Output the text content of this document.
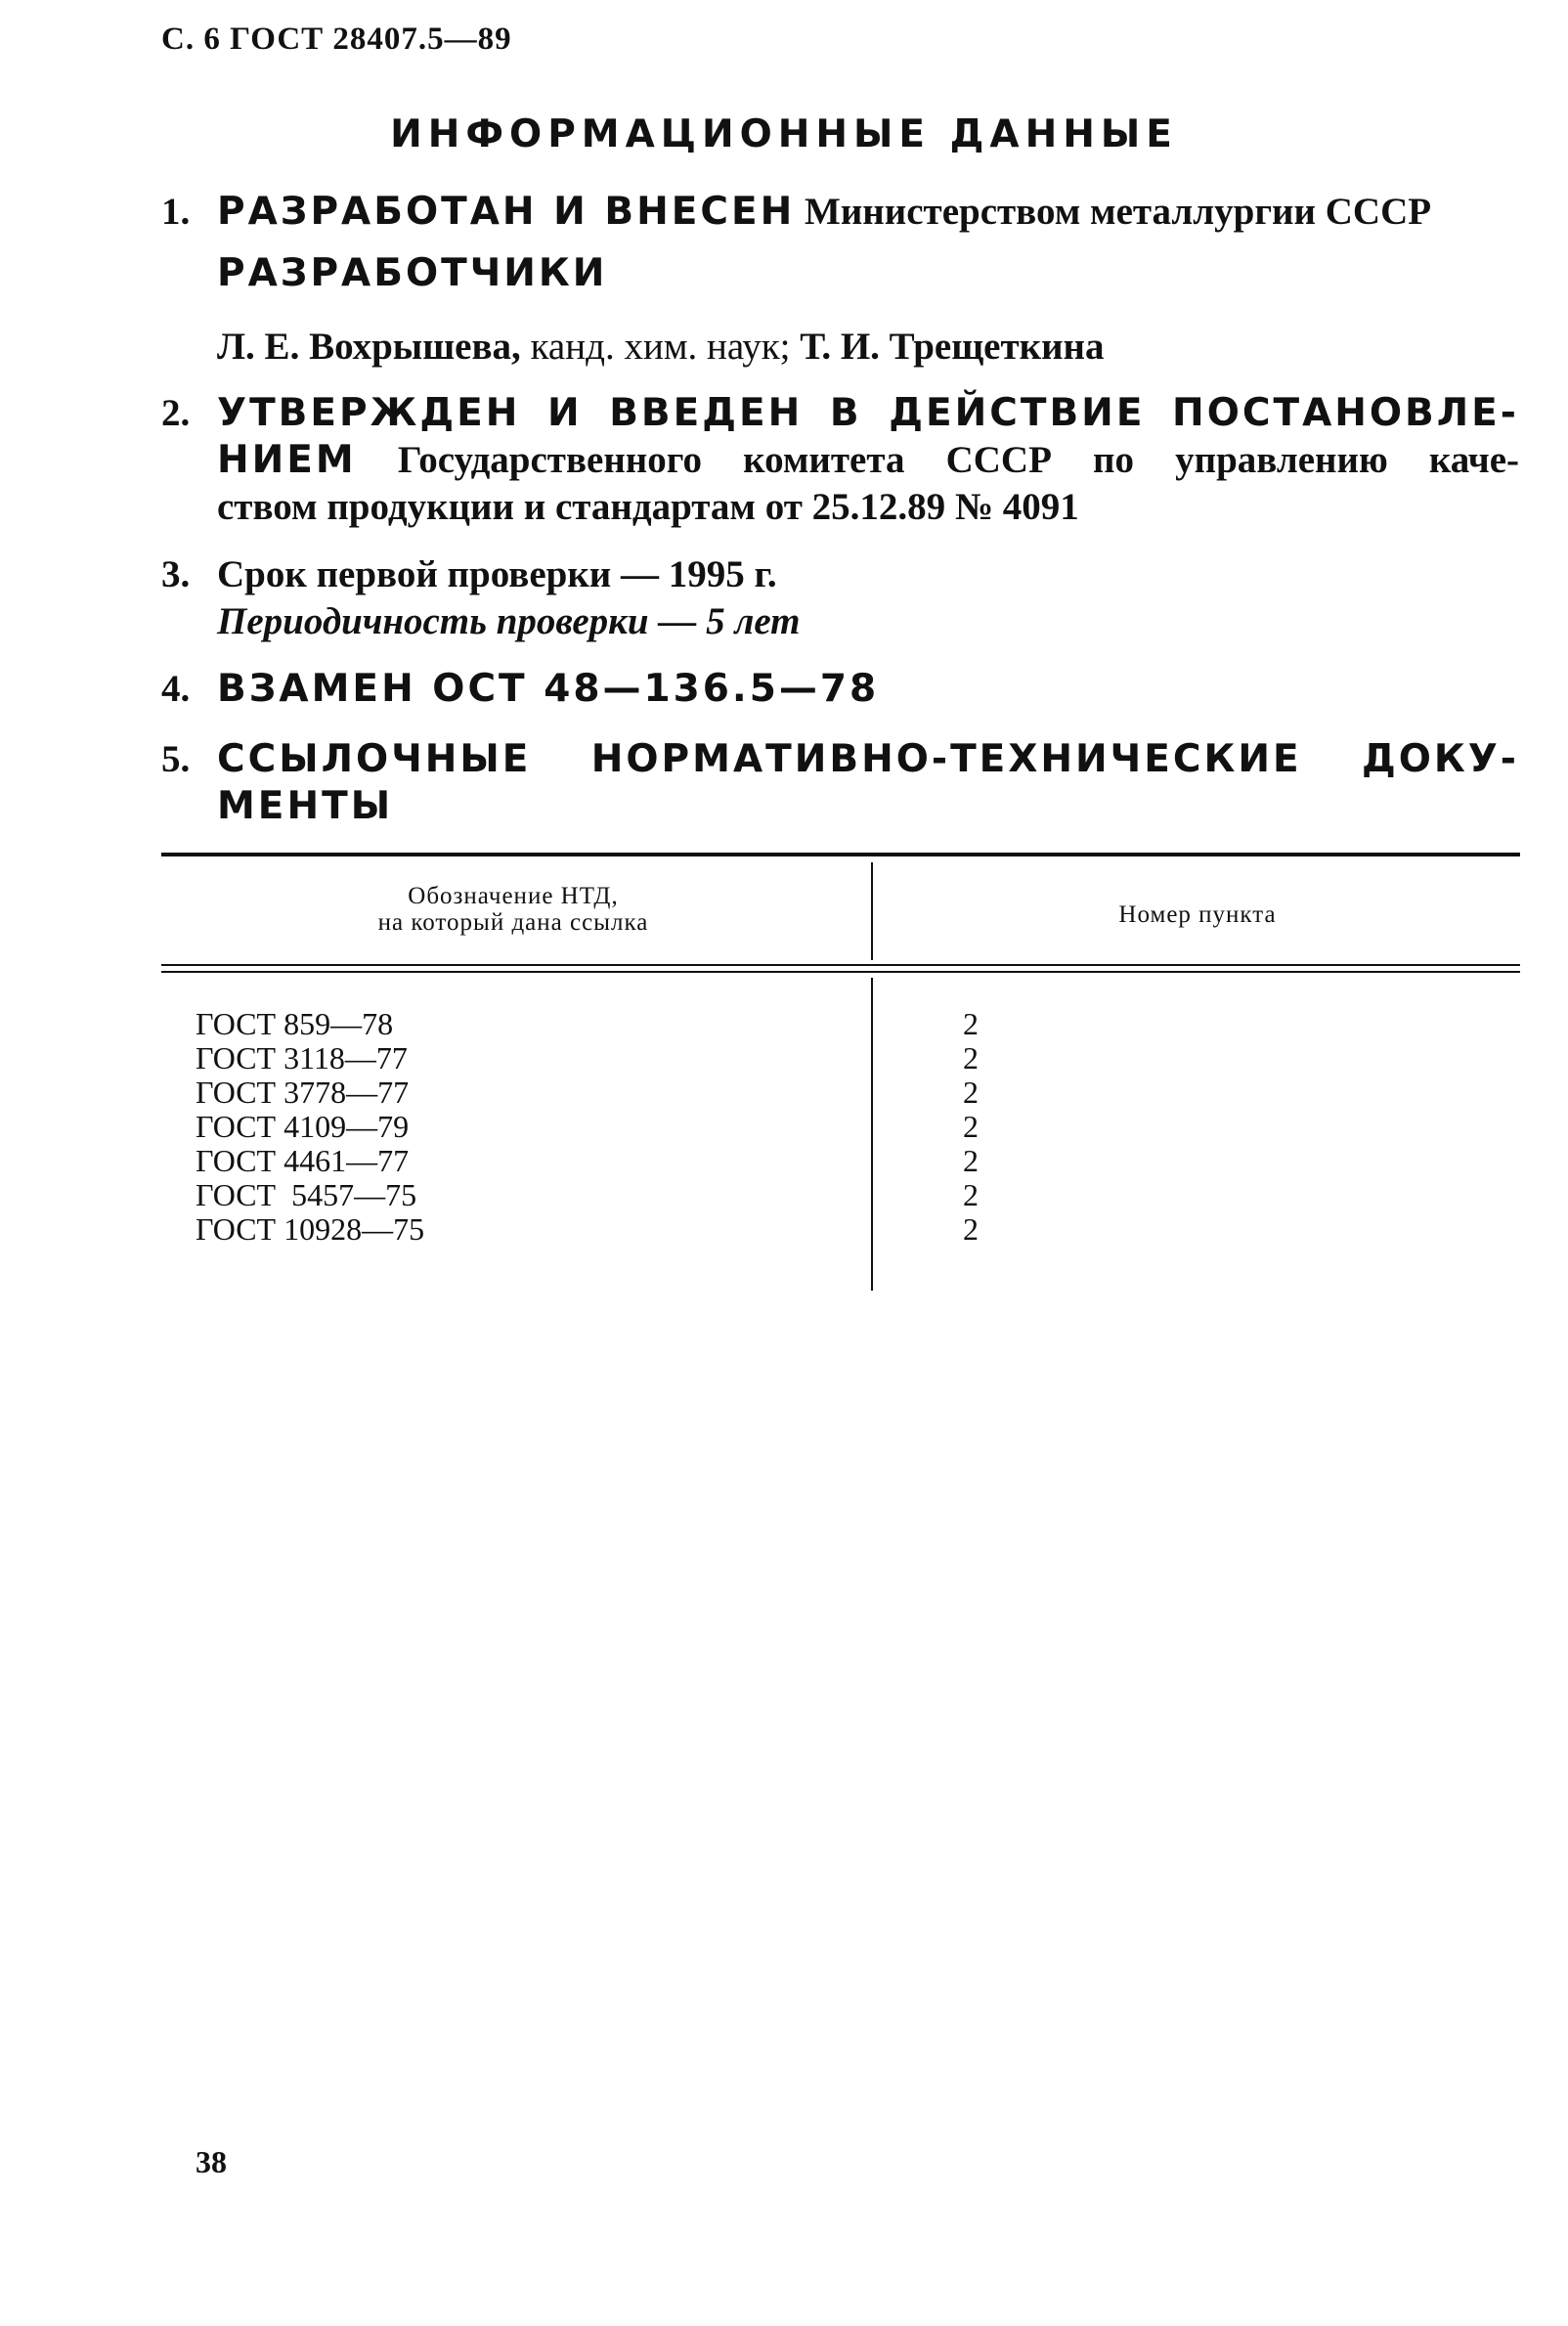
С. 6 ГОСТ 28407.5—89
ИНФОРМАЦИОННЫЕ ДАННЫЕ
1. РАЗРАБОТАН И ВНЕСЕН Министерством металлургии СССР
РАЗРАБОТЧИКИ
Л. Е. Вохрышева, канд. хим. наук; Т. И. Трещеткина
2. УТВЕРЖДЕН И ВВЕДЕН В ДЕЙСТВИЕ ПОСТАНОВЛЕ-
НИЕМ Государственного комитета СССР по управлению каче-
ством продукции и стандартам от 25.12.89 № 4091
3. Срок первой проверки — 1995 г.
Периодичность проверки — 5 лет
4. ВЗАМЕН ОСТ 48—136.5—78
5. ССЫЛОЧНЫЕ НОРМАТИВНО-ТЕХНИЧЕСКИЕ ДОКУ-
МЕНТЫ
Обозначение НТД,
на который дана ссылка	Номер пункта
ГОСТ 859—78	2
ГОСТ 3118—77	2
ГОСТ 3778—77	2
ГОСТ 4109—79	2
ГОСТ 4461—77	2
ГОСТ  5457—75	2
ГОСТ 10928—75	2
38
